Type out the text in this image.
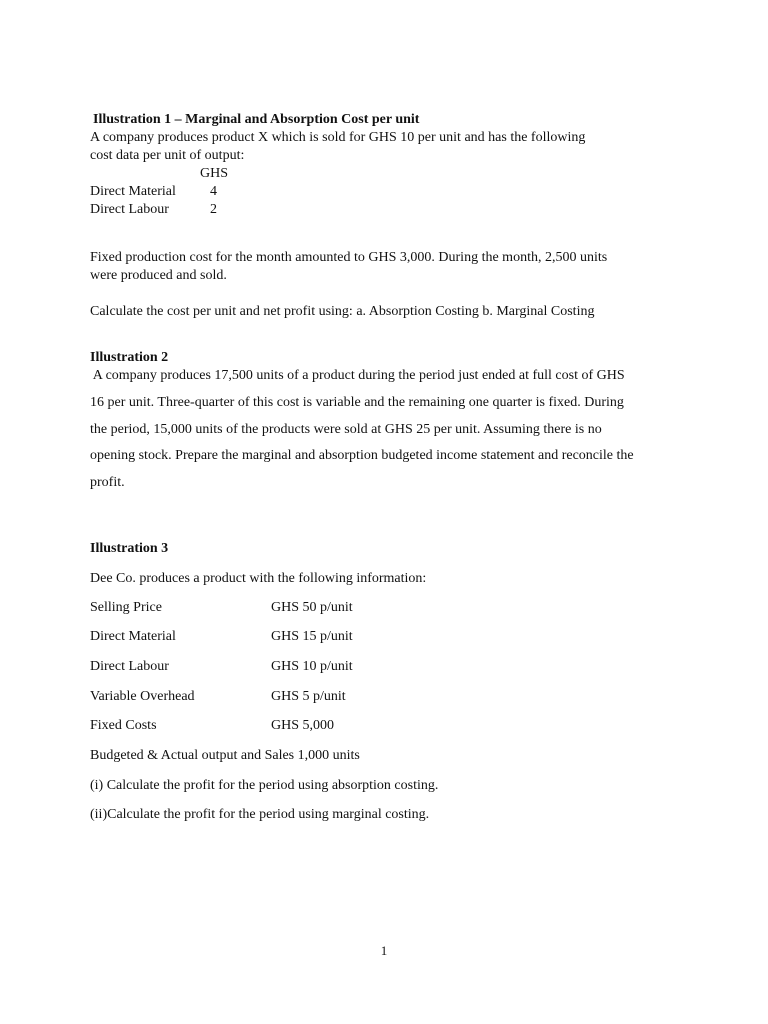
Illustration 1 – Marginal and Absorption Cost per unit
A company produces product X which is sold for GHS 10 per unit and has the following
cost data per unit of output:
GHS
Direct Material 4
Direct Labour	2
Fixed production cost for the month amounted to GHS 3,000. During the month, 2,500 units
were produced and sold.
Calculate the cost per unit and net profit using: a. Absorption Costing b. Marginal Costing
Illustration 2
A company produces 17,500 units of a product during the period just ended at full cost of GHS
16 per unit. Three-quarter of this cost is variable and the remaining one quarter is fixed. During
the period, 15,000 units of the products were sold at GHS 25 per unit. Assuming there is no
opening stock. Prepare the marginal and absorption budgeted income statement and reconcile the
profit.
Illustration 3
Dee Co. produces a product with the following information:
Selling Price	GHS 50 p/unit
Direct Material	GHS 15 p/unit
Direct Labour	GHS 10 p/unit
Variable Overhead	GHS 5 p/unit
Fixed Costs	GHS 5,000
Budgeted & Actual output and Sales 1,000 units
(i) Calculate the profit for the period using absorption costing.
(ii)Calculate the profit for the period using marginal costing.
1
